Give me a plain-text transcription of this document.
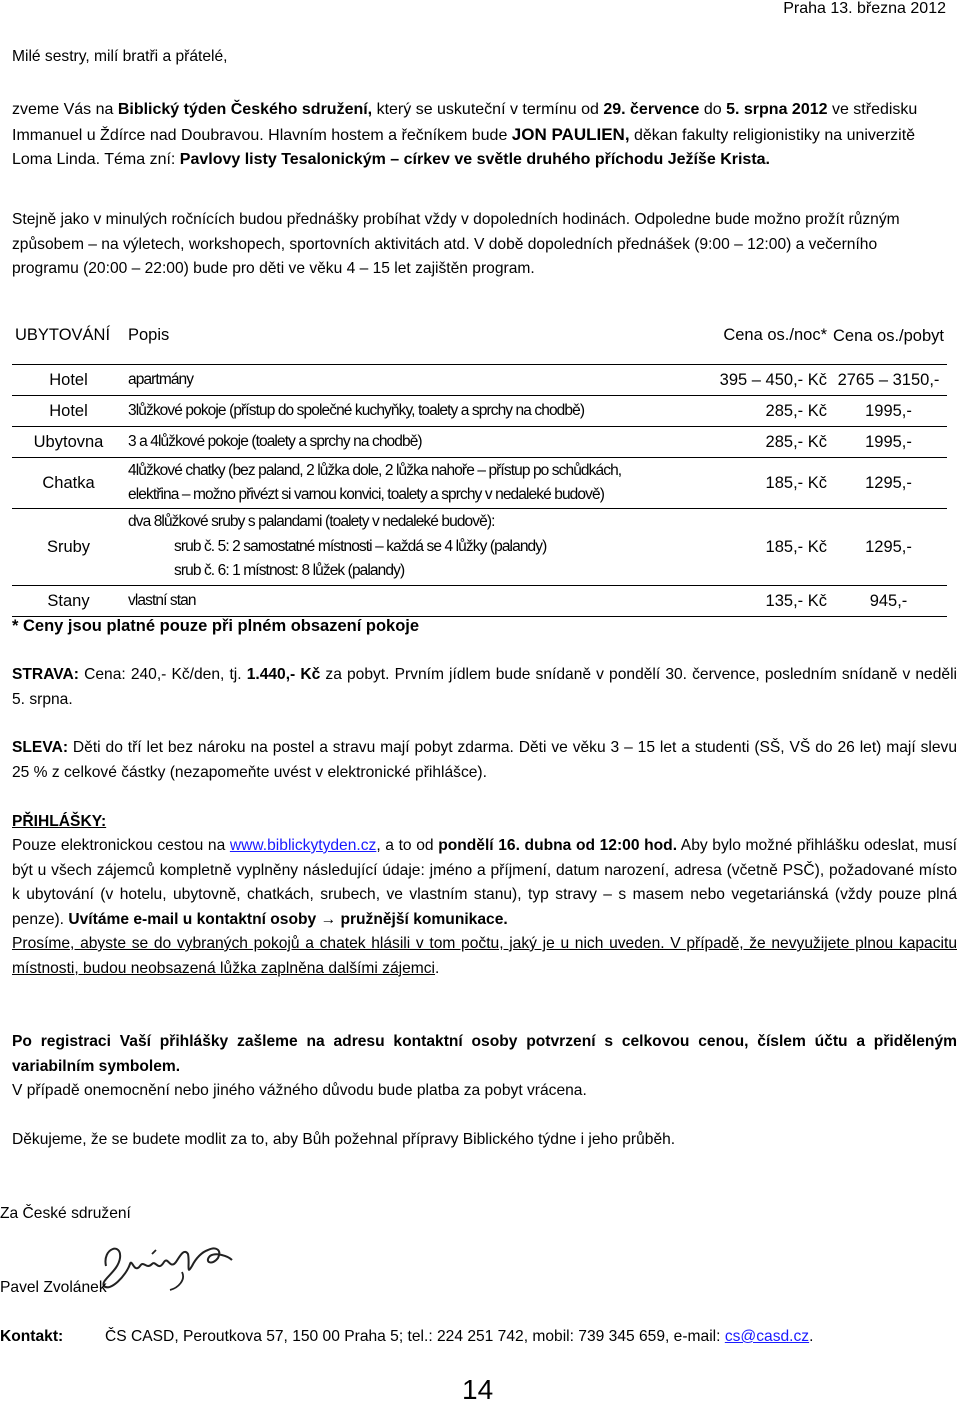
Praha 13. března 2012
Milé sestry, milí bratři a přátelé,
zveme Vás na Biblický týden Českého sdružení, který se uskuteční v termínu od 29. července do 5. srpna 2012 ve středisku Immanuel u Ždírce nad Doubravou. Hlavním hostem a řečníkem bude JON PAULIEN, děkan fakulty religionistiky na univerzitě Loma Linda. Téma zní: Pavlovy listy Tesalonickým – církev ve světle druhého příchodu Ježíše Krista.
Stejně jako v minulých ročnících budou přednášky probíhat vždy v dopoledních hodinách. Odpoledne bude možno prožít různým způsobem – na výletech, workshopech, sportovních aktivitách atd. V době dopoledních přednášek (9:00 – 12:00) a večerního programu (20:00 – 22:00) bude pro děti ve věku 4 – 15 let zajištěn program.
UBYTOVÁNÍ	Popis	Cena os./noc*	Cena os./pobyt
Hotel	apartmány	395 – 450,- Kč	2765 – 3150,-
Hotel	3lůžkové pokoje (přístup do společné kuchyňky, toalety a sprchy na chodbě)	285,- Kč	1995,-
Ubytovna	3 a 4lůžkové pokoje (toalety a sprchy na chodbě)	285,- Kč	1995,-
Chatka	4lůžkové chatky (bez paland, 2 lůžka dole, 2 lůžka nahoře – přístup po schůdkách,
elektřina – možno přivézt si varnou konvici, toalety a sprchy v nedaleké budově)	185,- Kč	1295,-
Sruby	dva 8lůžkové sruby s palandami (toalety v nedaleké budově):
srub č. 5: 2 samostatné místnosti – každá se 4 lůžky (palandy)
srub č. 6: 1 místnost: 8 lůžek (palandy)	185,- Kč	1295,-
Stany	vlastní stan	135,- Kč	945,-
* Ceny jsou platné pouze při plném obsazení pokoje
STRAVA: Cena: 240,- Kč/den, tj. 1.440,- Kč za pobyt. Prvním jídlem bude snídaně v pondělí 30. července, posledním snídaně v neděli 5. srpna.
SLEVA: Děti do tří let bez nároku na postel a stravu mají pobyt zdarma. Děti ve věku 3 – 15 let a studenti (SŠ, VŠ do 26 let) mají slevu 25 % z celkové částky (nezapomeňte uvést v elektronické přihlášce).
PŘIHLÁŠKY:
Pouze elektronickou cestou na www.biblickytyden.cz, a to od pondělí 16. dubna od 12:00 hod. Aby bylo možné přihlášku odeslat, musí být u všech zájemců kompletně vyplněny následující údaje: jméno a příjmení, datum narození, adresa (včetně PSČ), požadované místo k ubytování (v hotelu, ubytovně, chatkách, srubech, ve vlastním stanu), typ stravy – s masem nebo vegetariánská (vždy pouze plná penze). Uvítáme e-mail u kontaktní osoby → pružnější komunikace.
Prosíme, abyste se do vybraných pokojů a chatek hlásili v tom počtu, jaký je u nich uveden. V případě, že nevyužijete plnou kapacitu místnosti, budou neobsazená lůžka zaplněna dalšími zájemci.
Po registraci Vaší přihlášky zašleme na adresu kontaktní osoby potvrzení s celkovou cenou, číslem účtu a přiděleným variabilním symbolem.
V případě onemocnění nebo jiného vážného důvodu bude platba za pobyt vrácena.
Děkujeme, že se budete modlit za to, aby Bůh požehnal přípravy Biblického týdne i jeho průběh.
Za České sdružení
Pavel Zvolánek
Kontakt:	ČS CASD, Peroutkova 57, 150 00 Praha 5; tel.: 224 251 742, mobil: 739 345 659, e-mail: cs@casd.cz.
14
